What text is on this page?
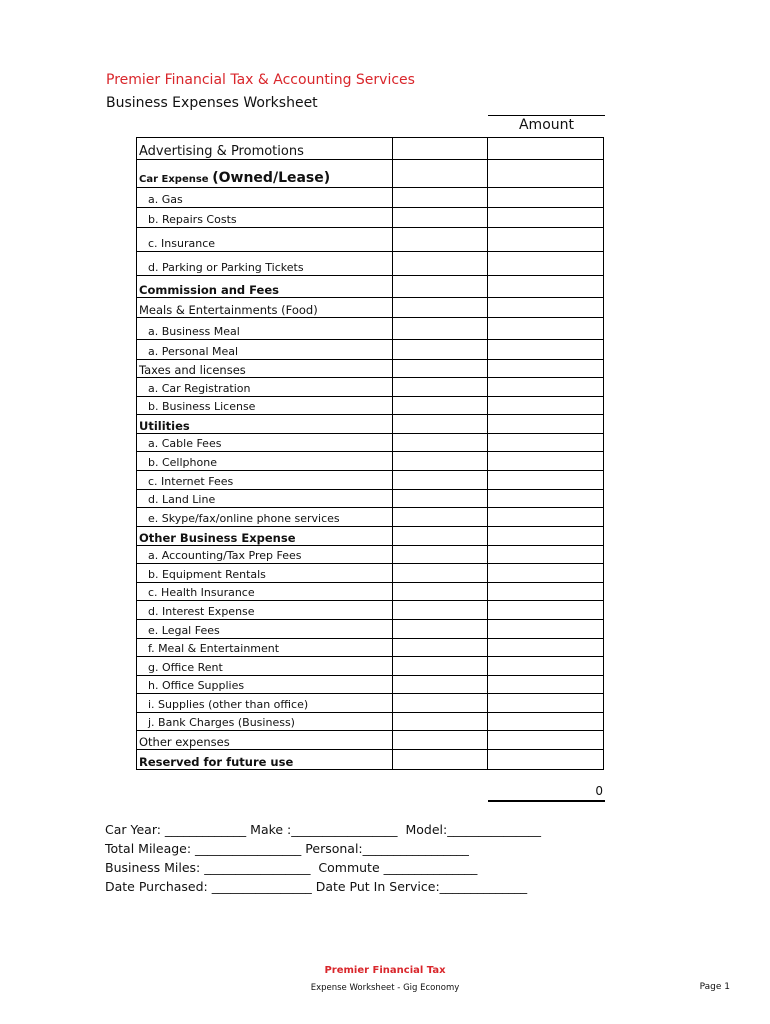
Premier Financial Tax & Accounting Services
Business Expenses Worksheet
Amount
Advertising & Promotions		
Car Expense (Owned/Lease)		
a. Gas		
b. Repairs Costs		
c. Insurance		
d. Parking or Parking Tickets		
Commission and Fees		
Meals & Entertainments (Food)		
a. Business Meal		
a. Personal Meal		
Taxes and licenses		
a. Car Registration		
b. Business License		
Utilities		
a. Cable Fees		
b. Cellphone		
c. Internet Fees		
d. Land Line		
e. Skype/fax/online phone services		
Other Business Expense		
a. Accounting/Tax Prep Fees		
b. Equipment Rentals		
c. Health Insurance		
d. Interest Expense		
e. Legal Fees		
f. Meal & Entertainment		
g. Office Rent		
h. Office Supplies		
i. Supplies (other than office)		
j. Bank Charges (Business)		
Other expenses		
Reserved for future use		
0
Car Year: _____________ Make :_________________  Model:_______________
Total Mileage: _________________ Personal:_________________
Business Miles: _________________  Commute _______________
Date Purchased: ________________ Date Put In Service:______________
Premier Financial Tax
Expense Worksheet - Gig Economy	Page 1
